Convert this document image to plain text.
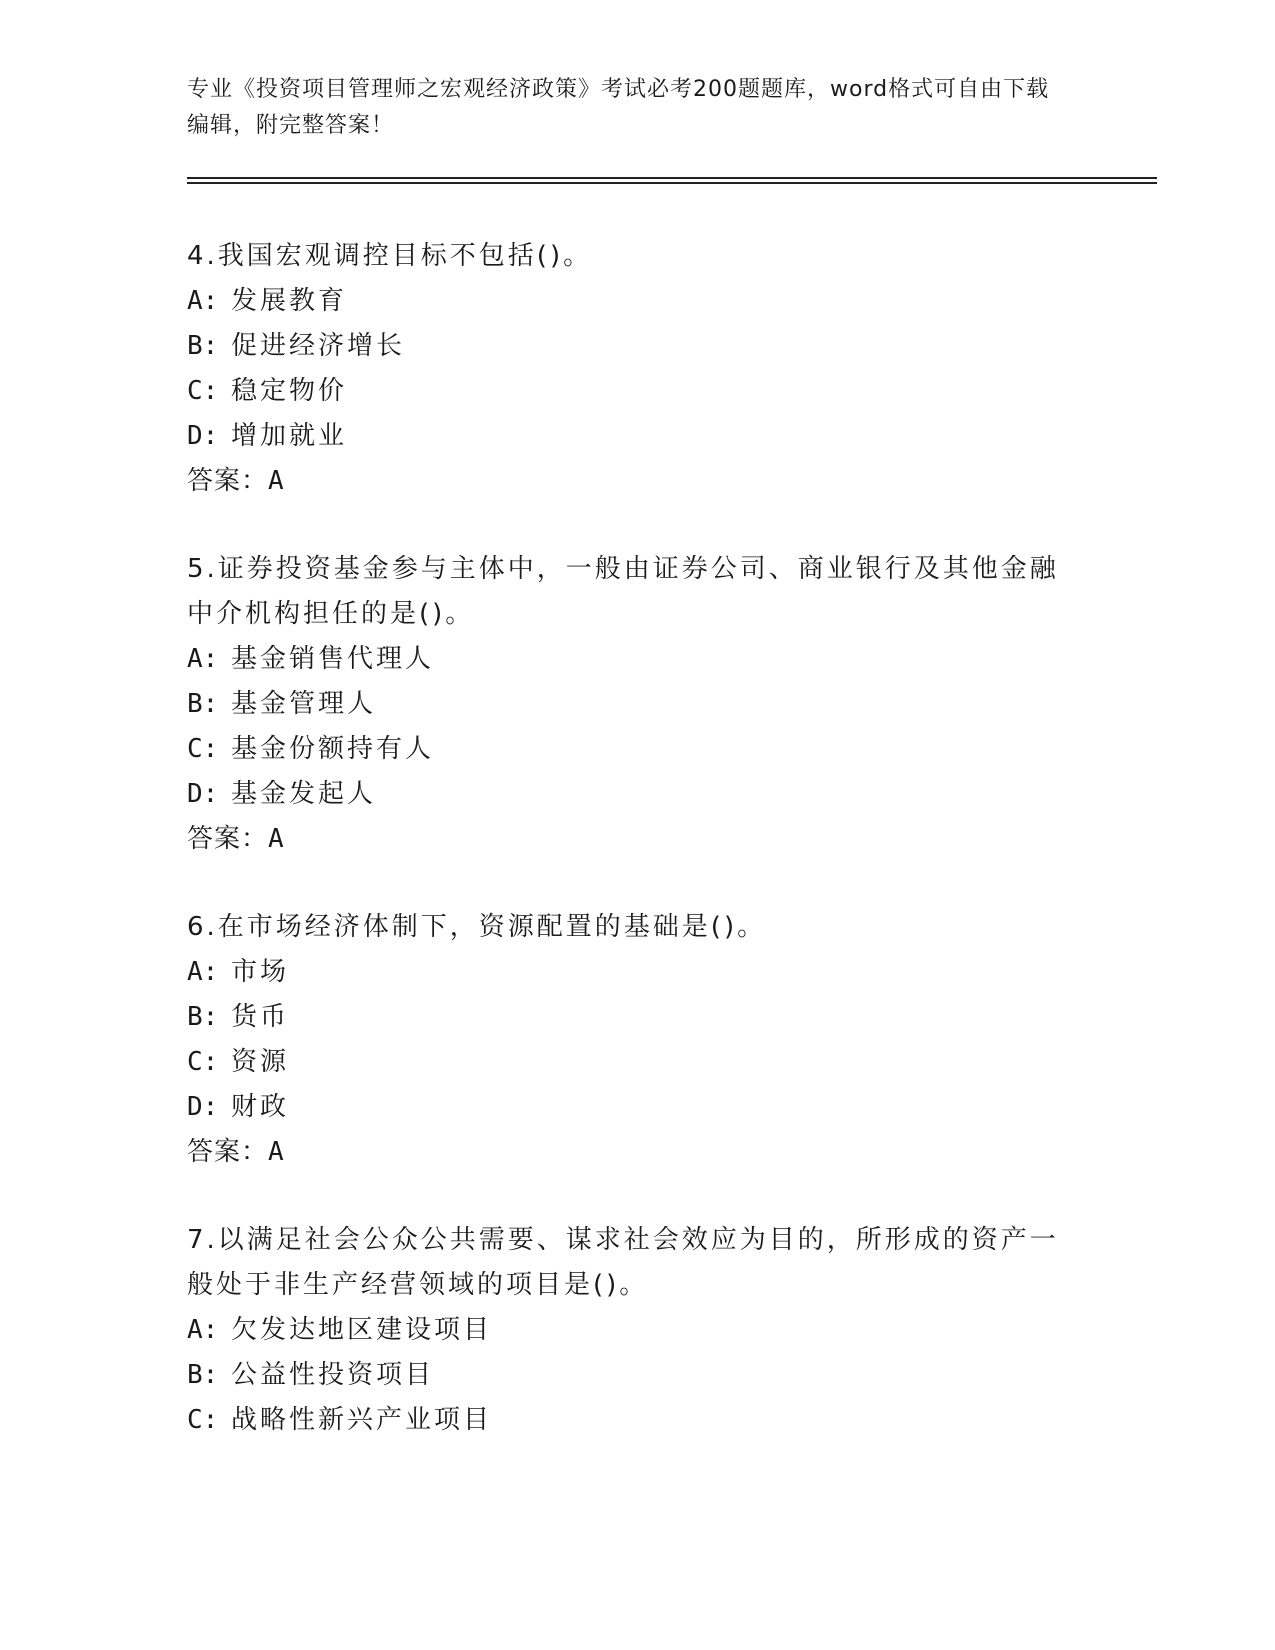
专业《投资项目管理师之宏观经济政策》考试必考200题题库，word格式可自由下载编辑，附完整答案！

4.我国宏观调控目标不包括()。

A: 发展教育
B: 促进经济增长
C: 稳定物价
D: 增加就业
答案：A

5.证券投资基金参与主体中，一般由证券公司、商业银行及其他金融中介机构担任的是()。

A: 基金销售代理人
B: 基金管理人
C: 基金份额持有人
D: 基金发起人
答案：A

6.在市场经济体制下，资源配置的基础是()。

A: 市场
B: 货币
C: 资源
D: 财政
答案：A

7.以满足社会公众公共需要、谋求社会效应为目的，所形成的资产一般处于非生产经营领域的项目是()。

A: 欠发达地区建设项目
B: 公益性投资项目
C: 战略性新兴产业项目
